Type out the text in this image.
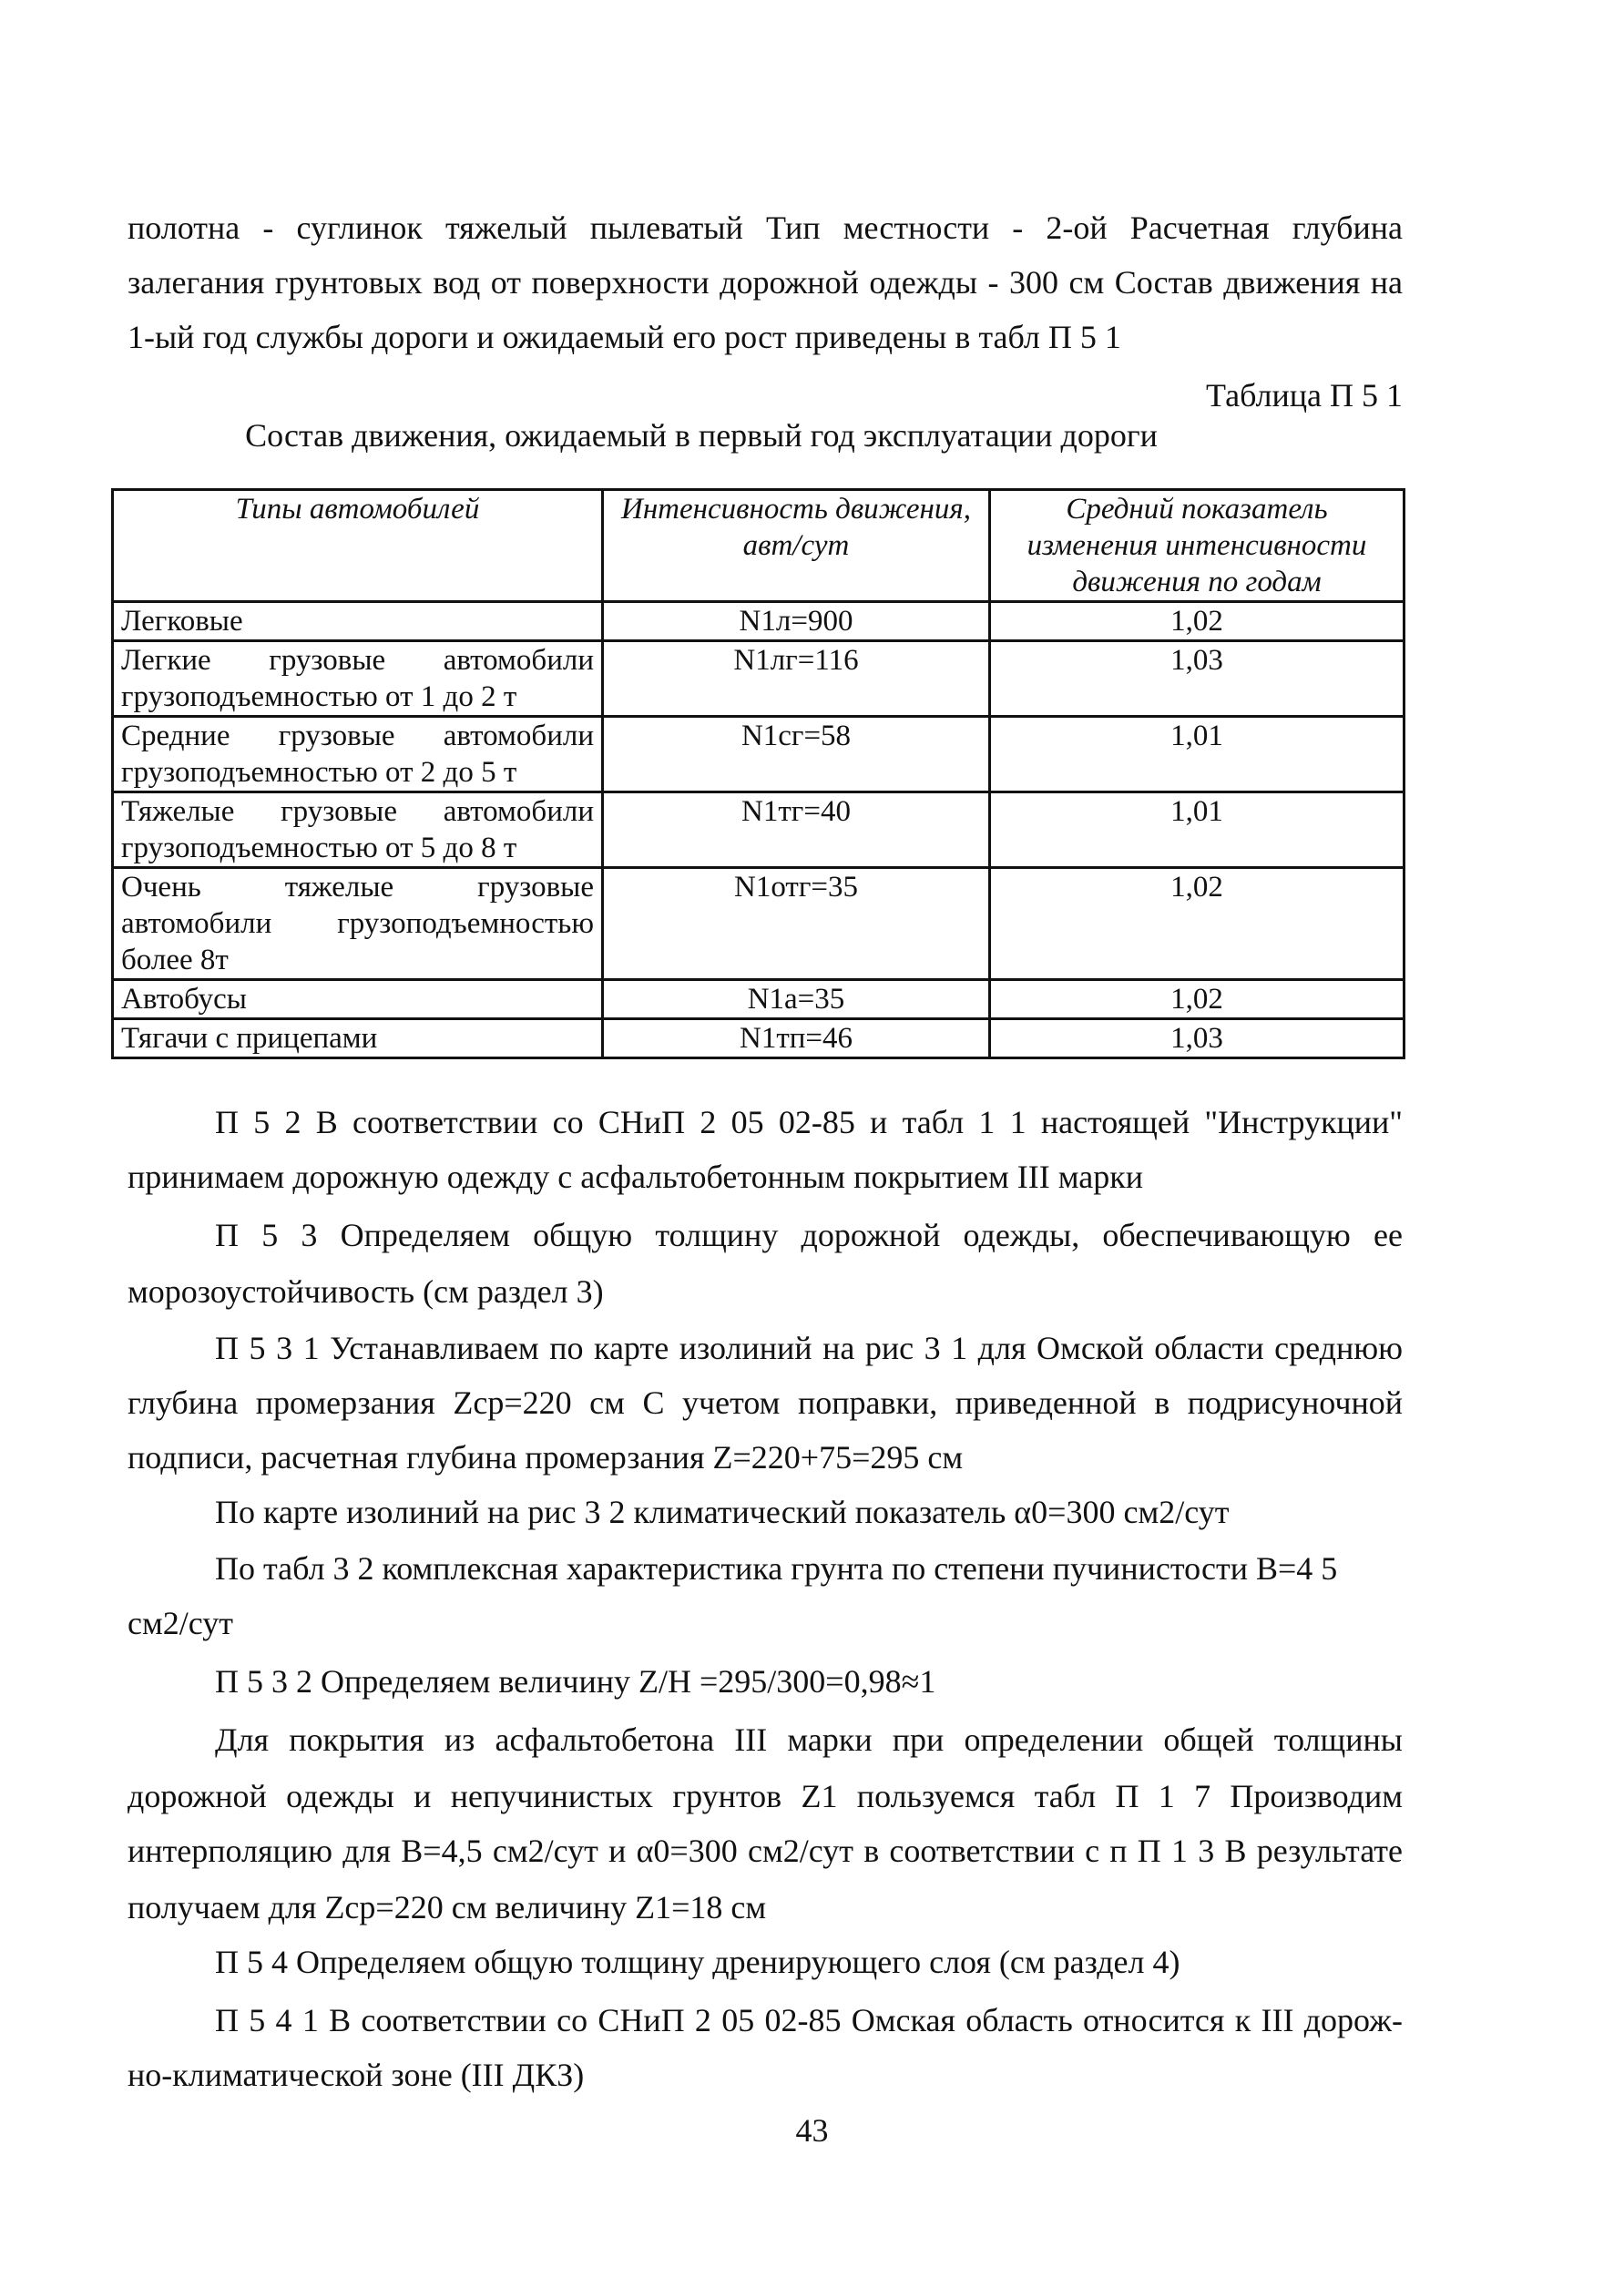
полотна - суглинок тяжелый пылеватый Тип местности - 2-ой Расчетная глубина
залегания грунтовых вод от поверхности дорожной одежды - 300 см Состав движения на
1-ый год службы дороги и ожидаемый его рост приведены в табл П 5 1
Таблица П 5 1
Состав движения, ожидаемый в первый год эксплуатации дороги
Типы автомобилей	Интенсивность движения, авт/сут	Средний показатель изменения интенсивности движения по годам
Легковые	N1л=900	1,02
Легкие грузовые автомобили грузоподъемностью от 1 до 2 т	N1лг=116	1,03
Средние грузовые автомобили грузоподъемностью от 2 до 5 т	N1сг=58	1,01
Тяжелые грузовые автомобили грузоподъемностью от 5 до 8 т	N1тг=40	1,01
Очень тяжелые грузовые автомобили грузоподъемностью более 8т	N1отг=35	1,02
Автобусы	N1а=35	1,02
Тягачи с прицепами	N1тп=46	1,03
П 5 2 В соответствии со СНиП 2 05 02-85 и табл 1 1 настоящей "Инструкции"
принимаем дорожную одежду с асфальтобетонным покрытием III марки
П 5 3 Определяем общую толщину дорожной одежды, обеспечивающую ее
морозоустойчивость (см раздел 3)
П 5 3 1 Устанавливаем по карте изолиний на рис 3 1 для Омской области среднюю
глубина промерзания Zср=220 см С учетом поправки, приведенной в подрисуночной
подписи, расчетная глубина промерзания Z=220+75=295 см
По карте изолиний на рис 3 2 климатический показатель α0=300 см2/сут
По табл 3 2 комплексная характеристика грунта по степени пучинистости B=4 5
см2/сут
П 5 3 2 Определяем величину Z/H =295/300=0,98≈1
Для покрытия из асфальтобетона III марки при определении общей толщины
дорожной одежды и непучинистых грунтов Z1 пользуемся табл П 1 7 Производим
интерполяцию для B=4,5 см2/сут и α0=300 см2/сут в соответствии с п П 1 3 В результате
получаем для Zср=220 см величину Z1=18 см
П 5 4 Определяем общую толщину дренирующего слоя (см раздел 4)
П 5 4 1 В соответствии со СНиП 2 05 02-85 Омская область относится к III дорож-
но-климатической зоне (III ДКЗ)
43
